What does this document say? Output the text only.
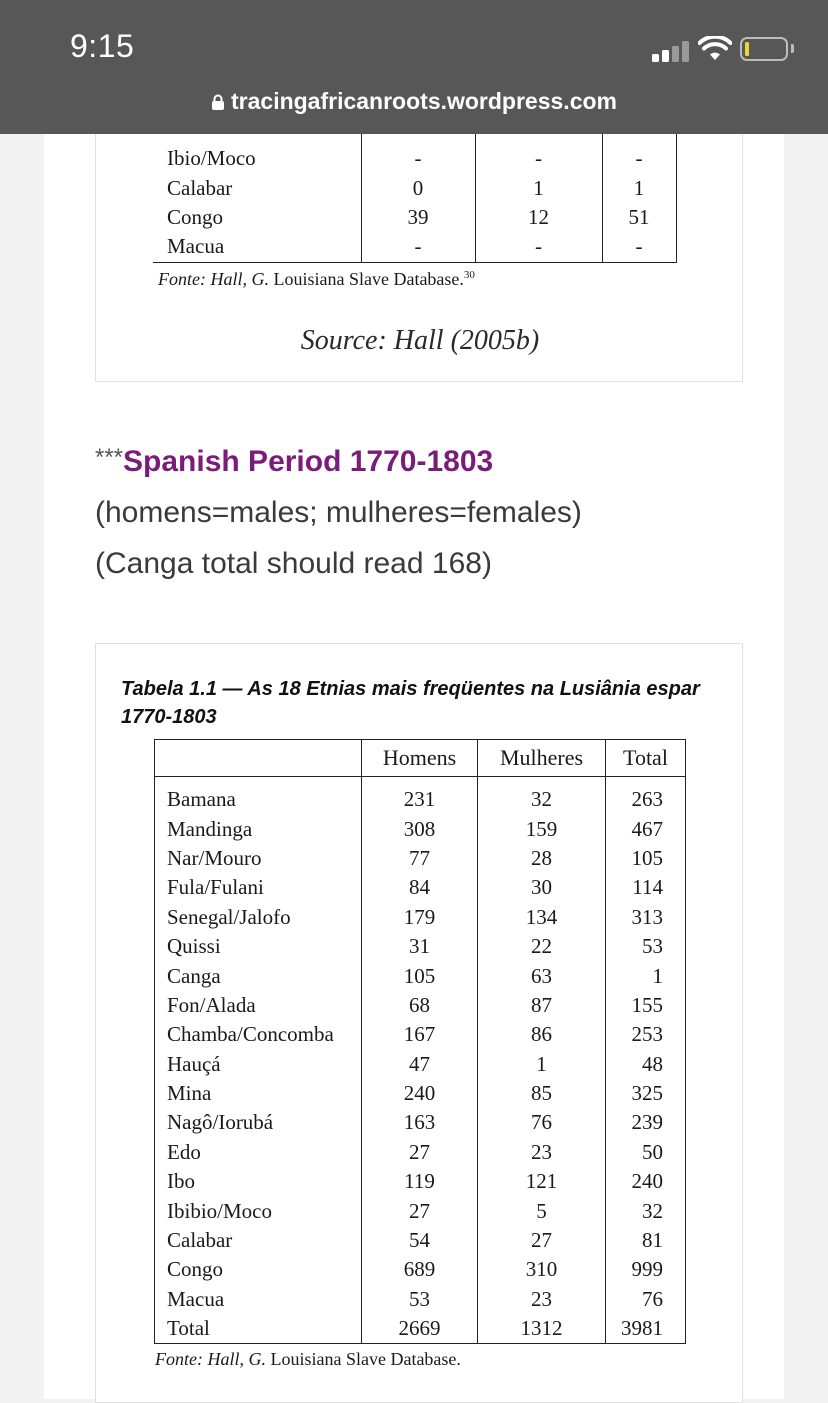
Ibio/Moco	-	-	-
Calabar	0	1	1
Congo	39	12	51
Macua	-	-	-
Fonte: Hall, G. Louisiana Slave Database.$^{30}$
Source: Hall (2005b)
***Spanish Period 1770-1803
(homens=males; mulheres=females)
(Canga total should read 168)
Tabela 1.1 — As 18 Etnias mais freqüentes na Lusiânia espar
1770-1803
	Homens	Mulheres	Total
Bamana	231	32	263
Mandinga	308	159	467
Nar/Mouro	77	28	105
Fula/Fulani	84	30	114
Senegal/Jalofo	179	134	313
Quissi	31	22	53
Canga	105	63	1
Fon/Alada	68	87	155
Chamba/Concomba	167	86	253
Hauçá	47	1	48
Mina	240	85	325
Nagô/Iorubá	163	76	239
Edo	27	23	50
Ibo	119	121	240
Ibibio/Moco	27	5	32
Calabar	54	27	81
Congo	689	310	999
Macua	53	23	76
Total	2669	1312	3981
Fonte: Hall, G. Louisiana Slave Database.
9:15
tracingafricanroots.wordpress.com
